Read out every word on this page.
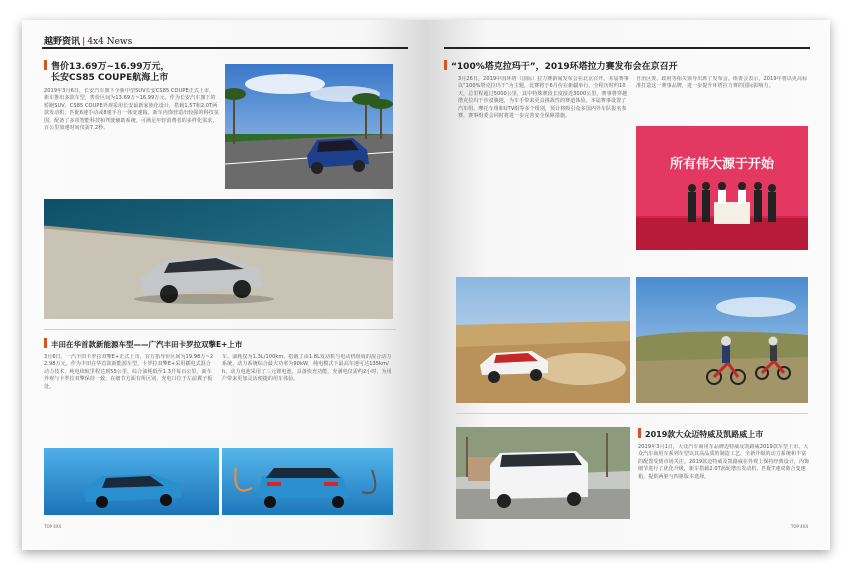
越野资讯 | 4x4 News
售价13.69万~16.99万元，
长安CS85 COUPE航海上市
2019年3月6日，长安汽车旗下全新中型SUV长安CS85 COUPE正式上市，新车推出多款车型，售价区间为13.69万~16.99万元。作为长安汽车旗下的轿跑SUV，CS85 COUPE外观采用长安最新家族化设计，搭载1.5T和2.0T两款发动机，匹配6速手动或8速手自一体变速箱。新车内饰营造出较强的科技氛围，配备了多项智能科技和驾驶辅助系统，可满足年轻消费者的多样化需求，百公里加速时间仅需7.2秒。
丰田在华首款新能源车型——广汽丰田卡罗拉双擎E+上市
3月6日，一汽丰田卡罗拉双擎E+正式上市，官方指导价区间为19.98万~22.98万元。作为丰田在华首款新能源车型，卡罗拉双擎E+采用插电式混合动力技术，纯电续航里程达到55公里，综合油耗低至1.3升每百公里。新车外观与卡罗拉双擎保持一致，在细节方面有所区别，充电口位于左前翼子板处。
车，油耗仅为1.3L/100km。搭载了由1.8L发动机与电动机组成的混合动力系统，动力系统综合最大功率为90kW，纯电模式下最高车速可达135km/h。动力电池采用了三元锂电池，具备快充功能，充满电仅需约2小时，为用户带来更加灵活便捷的用车体验。
TOP 4X4
“100%塔克拉玛干”，2019环塔拉力赛发布会在京召开
3月26日，2019中国环塔（国际）拉力赛新闻发布会在北京召开。本届赛事以“100%塔克拉玛干”为主题，比赛将于6月份在新疆举行，全程历时约10天，总里程超过5000公里，其中特殊赛段长度接近3000公里。赛事将穿越塔克拉玛干沙漠腹地，为车手带来更具挑战性的赛道体验。本届赛事设置了汽车组、摩托车组和UTV组等多个组别，预计将吸引众多国内外车队报名参赛，赛事组委会同时将进一步完善安全保障措施。
自治区委、政府等相关领导出席了发布会。组委会表示，2019年将以更高标准打造这一赛事品牌，进一步提升环塔拉力赛的国际影响力。
所有伟大源于开始
2019款大众迈特威及凯路威上市
2019年3月1日，大众汽车商用车品牌迈特威及凯路威2019款车型上市。大众汽车商用车系列车型以其高品质的制造工艺、全新升级的动力系统和丰富的配置受到市场关注。2019款迈特威及凯路威在外观上保持经典设计，内饰细节进行了优化升级，新车搭载2.0T涡轮增压发动机，匹配7速双离合变速箱，提供两驱与四驱版本选择。
TOP 4X4
